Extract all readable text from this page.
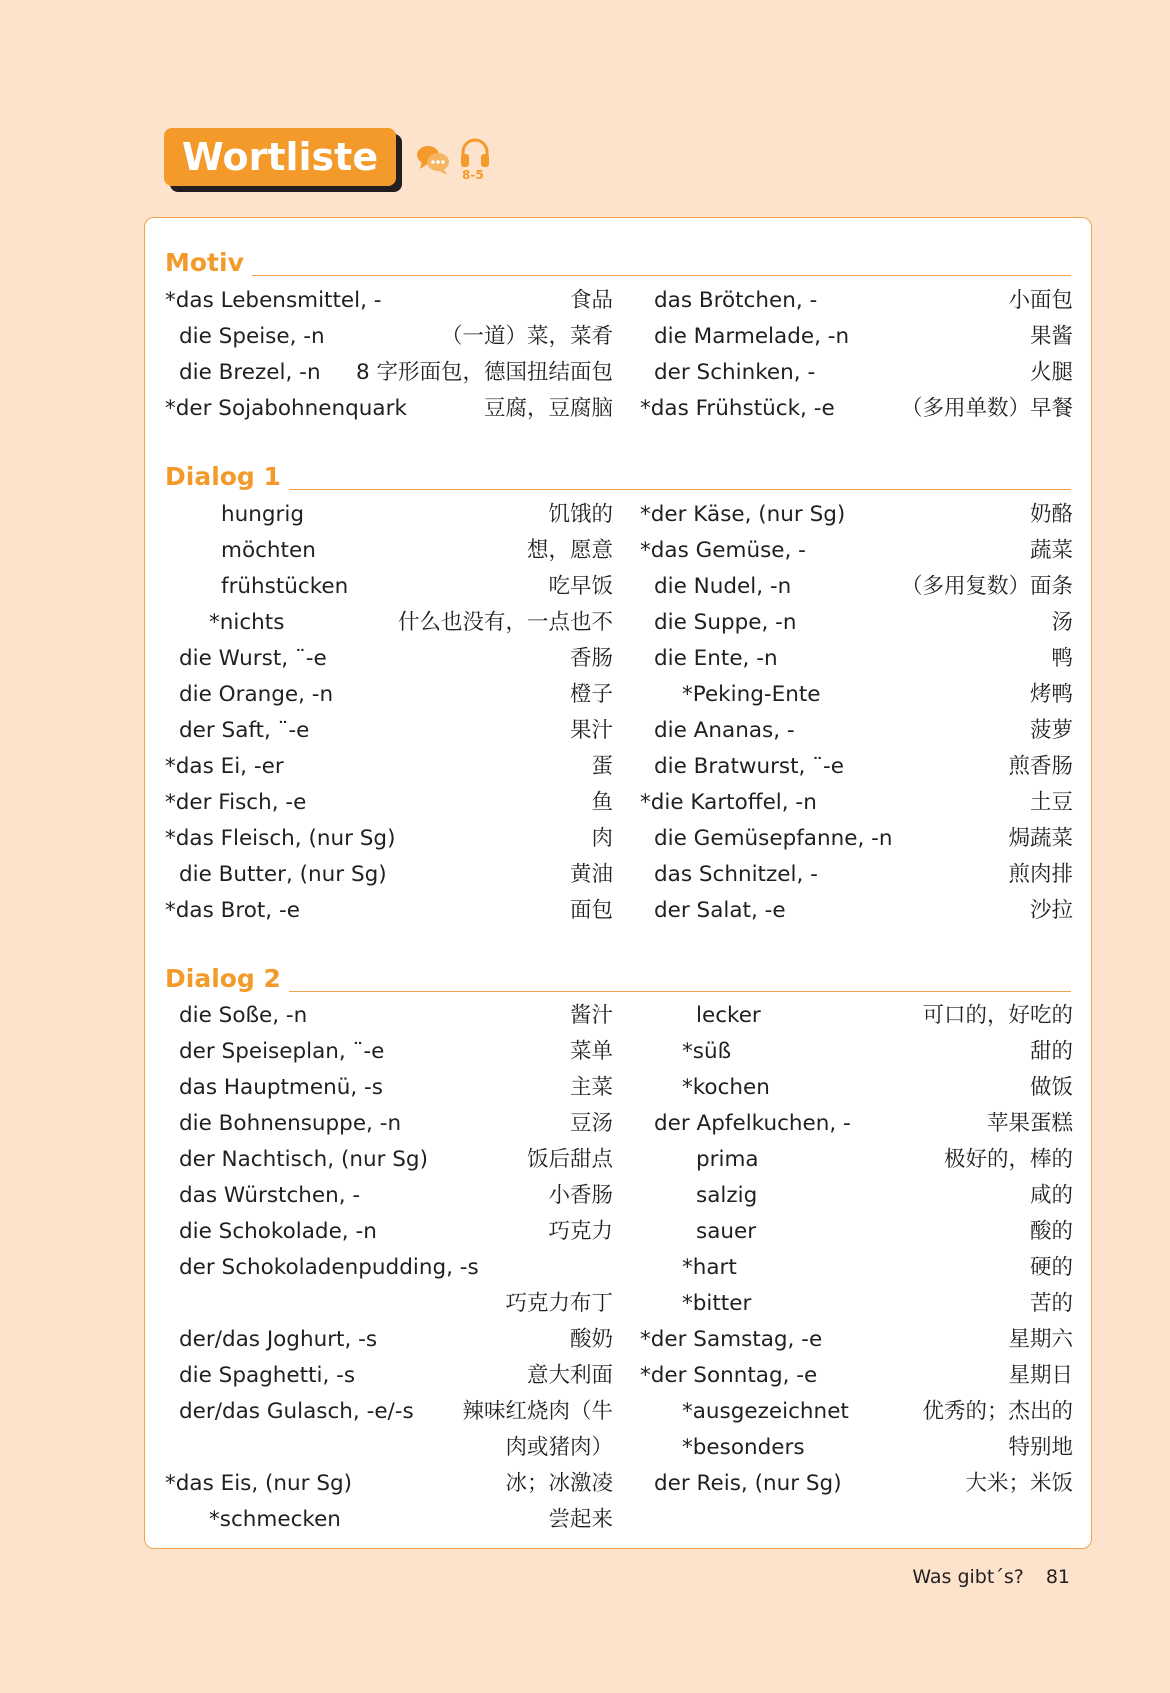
Wortliste	8-5
Motiv
*das Lebensmittel, -	食品
die Speise, -n	（一道）菜，菜肴
die Brezel, -n 8 字形面包，德国扭结面包
*der Sojabohnenquark	豆腐，豆腐脑
das Brötchen, -	小面包
die Marmelade, -n	果酱
der Schinken, -	火腿
*das Frühstück, -e	（多用单数）早餐
Dialog 1
hungrig	饥饿的
möchten	想，愿意
frühstücken	吃早饭
*nichts	什么也没有，一点也不
die Wurst, ¨-e	香肠
die Orange, -n	橙子
der Saft, ¨-e	果汁
*das Ei, -er	蛋
*der Fisch, -e	鱼
*das Fleisch, (nur Sg)	肉
die Butter, (nur Sg)	黄油
*das Brot, -e	面包
*der Käse, (nur Sg)	奶酪
*das Gemüse, -	蔬菜
die Nudel, -n	（多用复数）面条
die Suppe, -n	汤
die Ente, -n	鸭
*Peking-Ente	烤鸭
die Ananas, -	菠萝
die Bratwurst, ¨-e	煎香肠
*die Kartoffel, -n	土豆
die Gemüsepfanne, -n	焗蔬菜
das Schnitzel, -	煎肉排
der Salat, -e	沙拉
Dialog 2
die Soße, -n	酱汁
der Speiseplan, ¨-e	菜单
das Hauptmenü, -s	主菜
die Bohnensuppe, -n	豆汤
der Nachtisch, (nur Sg)	饭后甜点
das Würstchen, -	小香肠
die Schokolade, -n	巧克力
der Schokoladenpudding, -s
巧克力布丁
der/das Joghurt, -s	酸奶
die Spaghetti, -s	意大利面
der/das Gulasch, -e/-s 辣味红烧肉（牛
肉或猪肉）
*das Eis, (nur Sg)	冰；冰激凌
*schmecken	尝起来
lecker	可口的，好吃的
*süß	甜的
*kochen	做饭
der Apfelkuchen, -	苹果蛋糕
prima	极好的，棒的
salzig	咸的
sauer	酸的
*hart	硬的
*bitter	苦的
*der Samstag, -e	星期六
*der Sonntag, -e	星期日
*ausgezeichnet	优秀的；杰出的
*besonders	特别地
der Reis, (nur Sg)	大米；米饭
Was gibt´s? 81
